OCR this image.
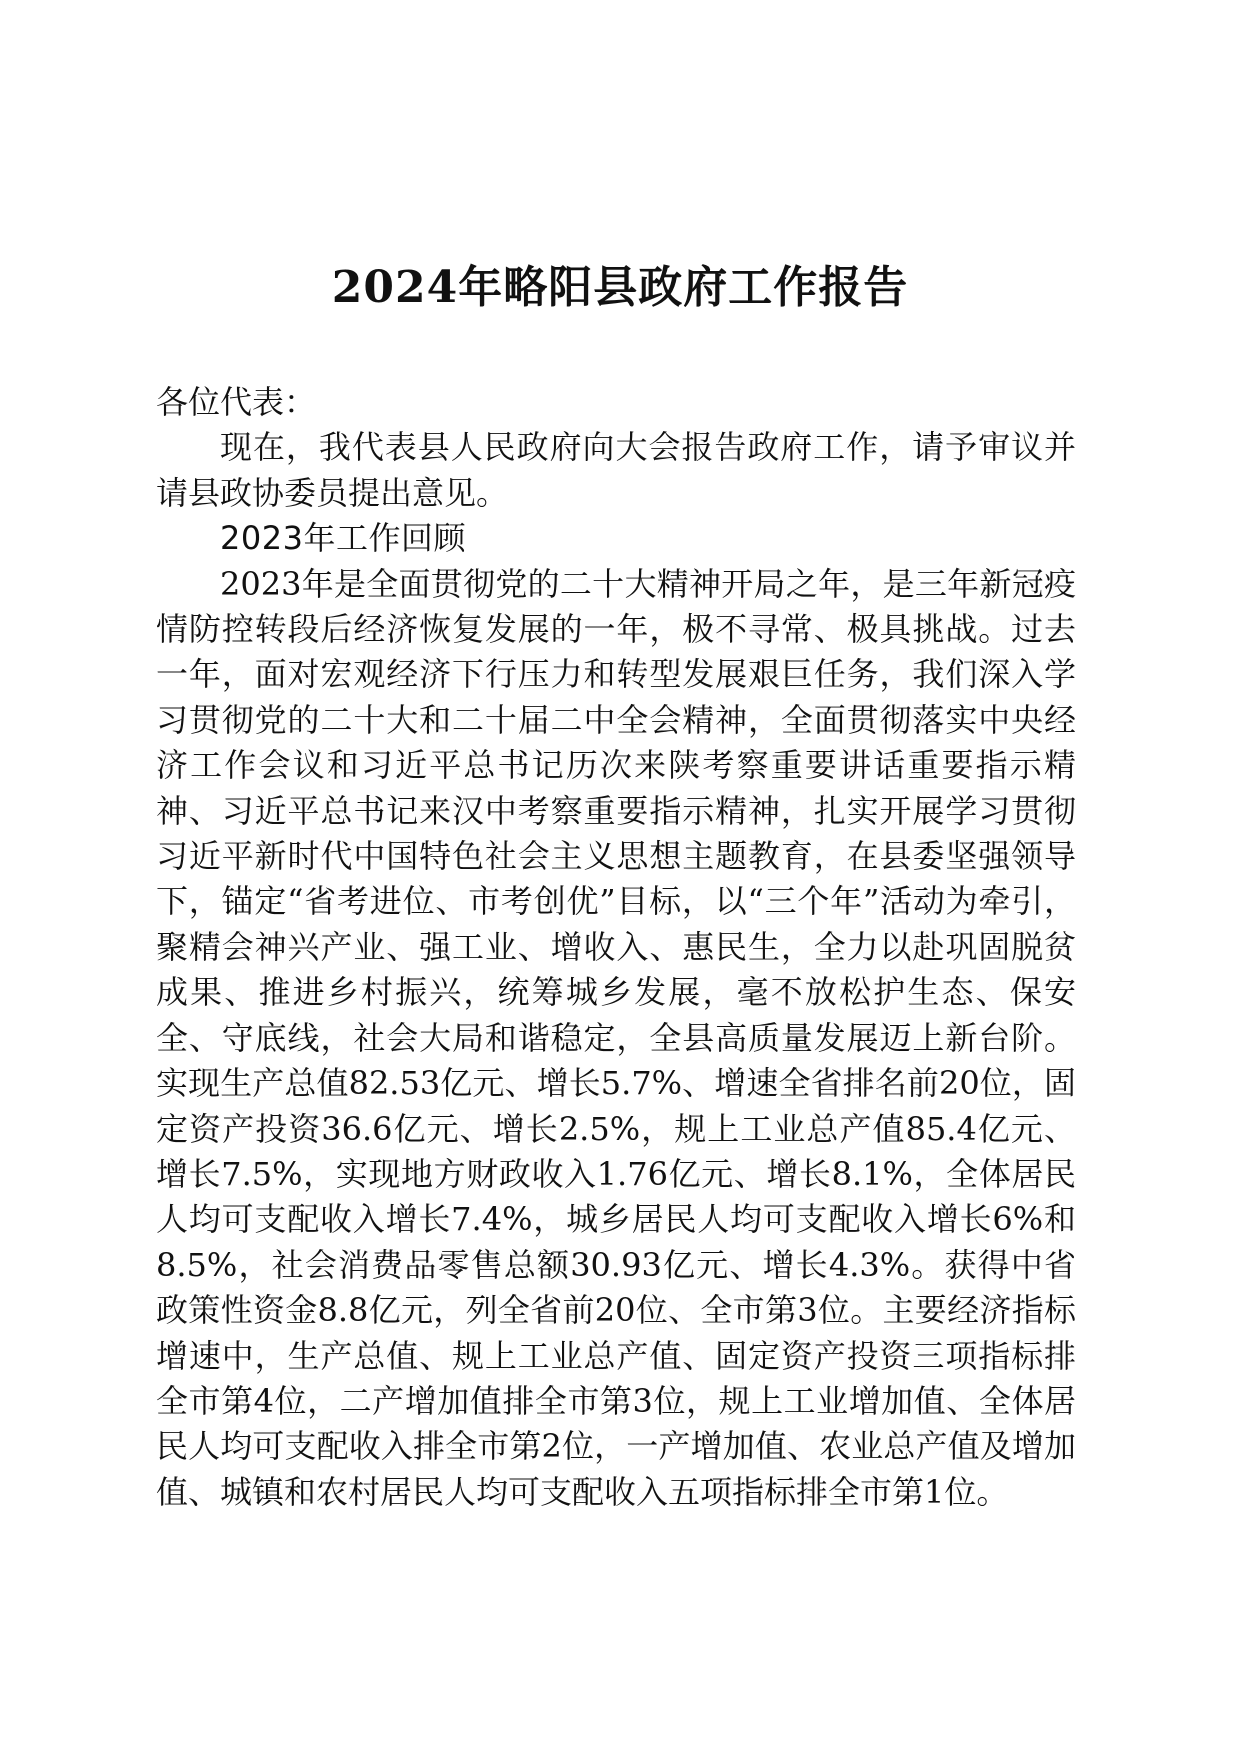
2024年略阳县政府工作报告

各位代表：

现在，我代表县人民政府向大会报告政府工作，请予审议并请县政协委员提出意见。

2023年工作回顾

2023年是全面贯彻党的二十大精神开局之年，是三年新冠疫情防控转段后经济恢复发展的一年，极不寻常、极具挑战。过去一年，面对宏观经济下行压力和转型发展艰巨任务，我们深入学习贯彻党的二十大和二十届二中全会精神，全面贯彻落实中央经济工作会议和习近平总书记历次来陕考察重要讲话重要指示精神、习近平总书记来汉中考察重要指示精神，扎实开展学习贯彻习近平新时代中国特色社会主义思想主题教育，在县委坚强领导下，锚定“省考进位、市考创优”目标，以“三个年”活动为牵引，聚精会神兴产业、强工业、增收入、惠民生，全力以赴巩固脱贫成果、推进乡村振兴，统筹城乡发展，毫不放松护生态、保安全、守底线，社会大局和谐稳定，全县高质量发展迈上新台阶。实现生产总值82.53亿元、增长5.7%、增速全省排名前20位，固定资产投资36.6亿元、增长2.5%，规上工业总产值85.4亿元、增长7.5%，实现地方财政收入1.76亿元、增长8.1%，全体居民人均可支配收入增长7.4%，城乡居民人均可支配收入增长6%和8.5%，社会消费品零售总额30.93亿元、增长4.3%。获得中省政策性资金8.8亿元，列全省前20位、全市第3位。主要经济指标增速中，生产总值、规上工业总产值、固定资产投资三项指标排全市第4位，二产增加值排全市第3位，规上工业增加值、全体居民人均可支配收入排全市第2位，一产增加值、农业总产值及增加值、城镇和农村居民人均可支配收入五项指标排全市第1位。
